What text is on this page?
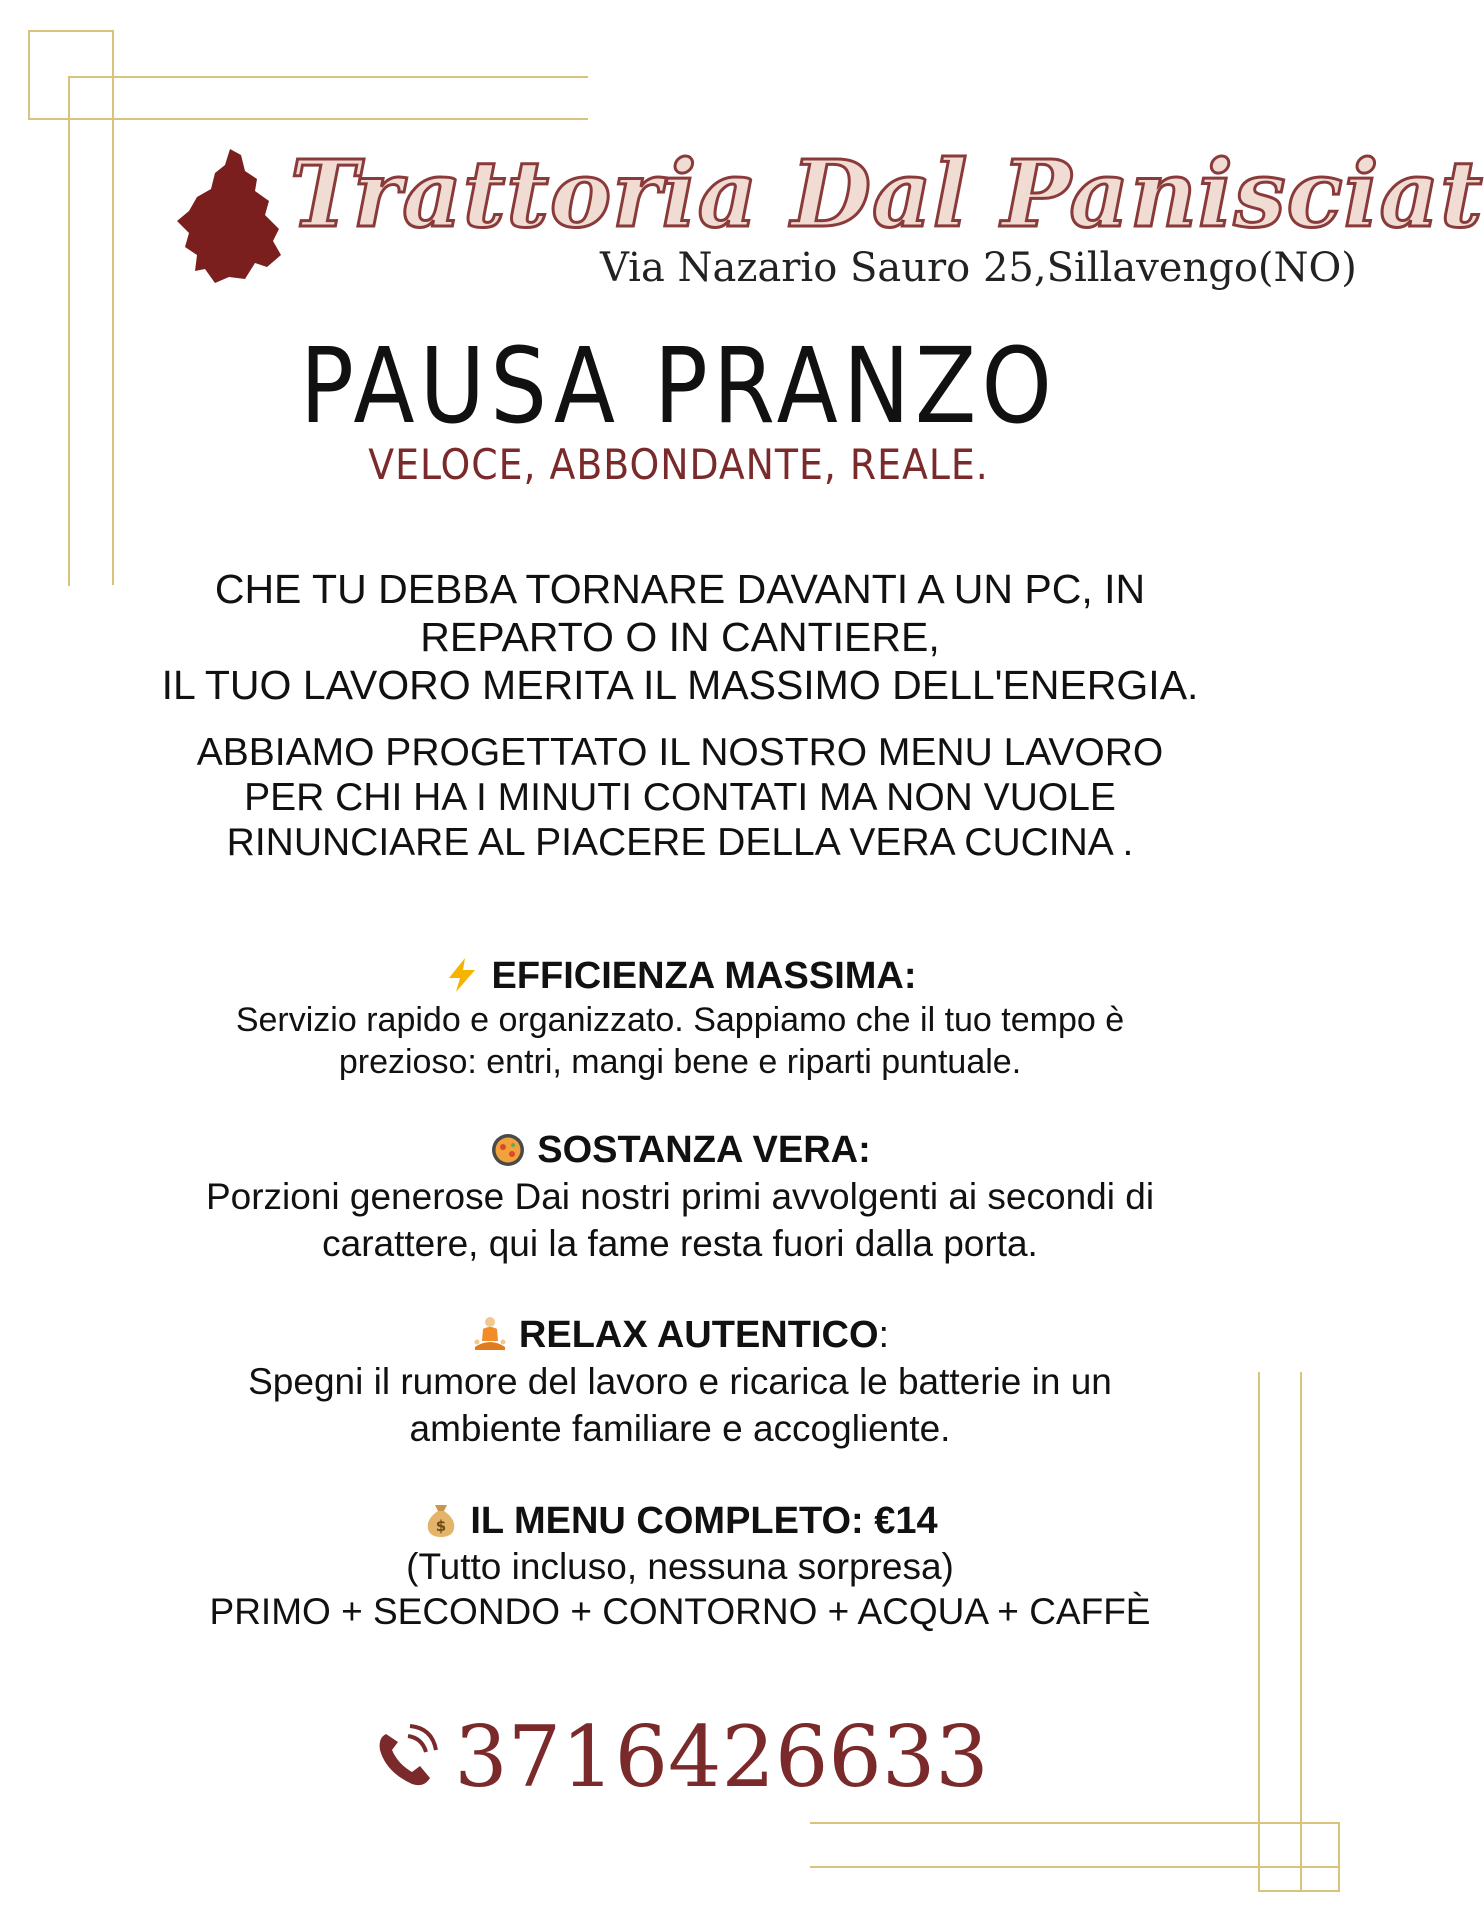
Trattoria Dal Panisciat
Via Nazario Sauro 25,Sillavengo(NO)
PAUSA PRANZO
VELOCE, ABBONDANTE, REALE.
CHE TU DEBBA TORNARE DAVANTI A UN PC, IN
REPARTO O IN CANTIERE,
IL TUO LAVORO MERITA IL MASSIMO DELL'ENERGIA.
ABBIAMO PROGETTATO IL NOSTRO MENU LAVORO
PER CHI HA I MINUTI CONTATI MA NON VUOLE
RINUNCIARE AL PIACERE DELLA VERA CUCINA .
EFFICIENZA MASSIMA:
Servizio rapido e organizzato. Sappiamo che il tuo tempo è
prezioso: entri, mangi bene e riparti puntuale.
SOSTANZA VERA:
Porzioni generose Dai nostri primi avvolgenti ai secondi di
carattere, qui la fame resta fuori dalla porta.
RELAX AUTENTICO:
Spegni il rumore del lavoro e ricarica le batterie in un
ambiente familiare e accogliente.
$ IL MENU COMPLETO: €14
(Tutto incluso, nessuna sorpresa)
PRIMO + SECONDO + CONTORNO + ACQUA + CAFFÈ
3716426633
